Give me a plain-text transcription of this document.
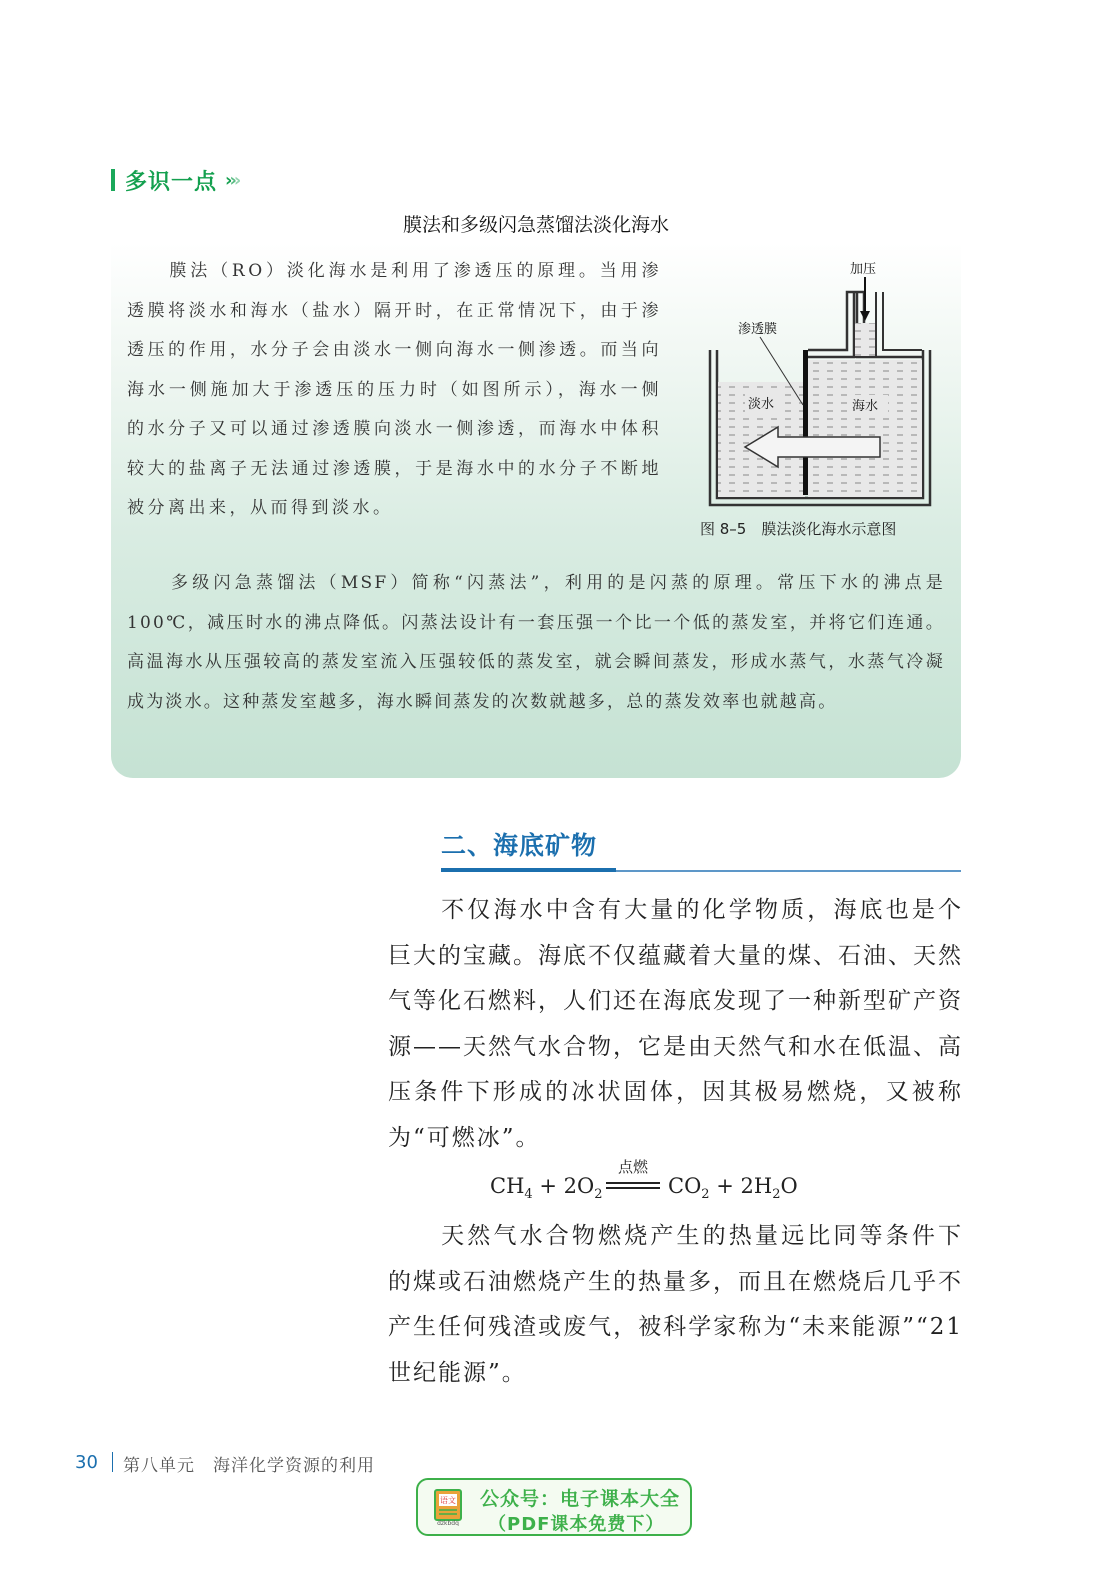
多识一点 ›››
膜法和多级闪急蒸馏法淡化海水
膜法（RO）淡化海水是利用了渗透压的原理。当用渗透膜将淡水和海水（盐水）隔开时，在正常情况下，由于渗透压的作用，水分子会由淡水一侧向海水一侧渗透。而当向海水一侧施加大于渗透压的压力时（如图所示），海水一侧的水分子又可以通过渗透膜向淡水一侧渗透，而海水中体积较大的盐离子无法通过渗透膜，于是海水中的水分子不断地被分离出来，从而得到淡水。
加压
渗透膜
淡水	海水
图 8–5　膜法淡化海水示意图
多级闪急蒸馏法（MSF）简称“闪蒸法”，利用的是闪蒸的原理。常压下水的沸点是 100℃，减压时水的沸点降低。闪蒸法设计有一套压强一个比一个低的蒸发室，并将它们连通。高温海水从压强较高的蒸发室流入压强较低的蒸发室，就会瞬间蒸发，形成水蒸气，水蒸气冷凝成为淡水。这种蒸发室越多，海水瞬间蒸发的次数就越多，总的蒸发效率也就越高。
二、海底矿物
不仅海水中含有大量的化学物质，海底也是个巨大的宝藏。海底不仅蕴藏着大量的煤、石油、天然气等化石燃料，人们还在海底发现了一种新型矿产资源——天然气水合物，它是由天然气和水在低温、高压条件下形成的冰状固体，因其极易燃烧，又被称为“可燃冰”。
$CH_4 + 2O_2$
点燃
$CO_2 + 2H_2O$
天然气水合物燃烧产生的热量远比同等条件下的煤或石油燃烧产生的热量多，而且在燃烧后几乎不产生任何残渣或废气，被科学家称为“未来能源”“21 世纪能源”。
30 第八单元　海洋化学资源的利用
语文
dzkbdq
公众号：电子课本大全
（PDF课本免费下）
